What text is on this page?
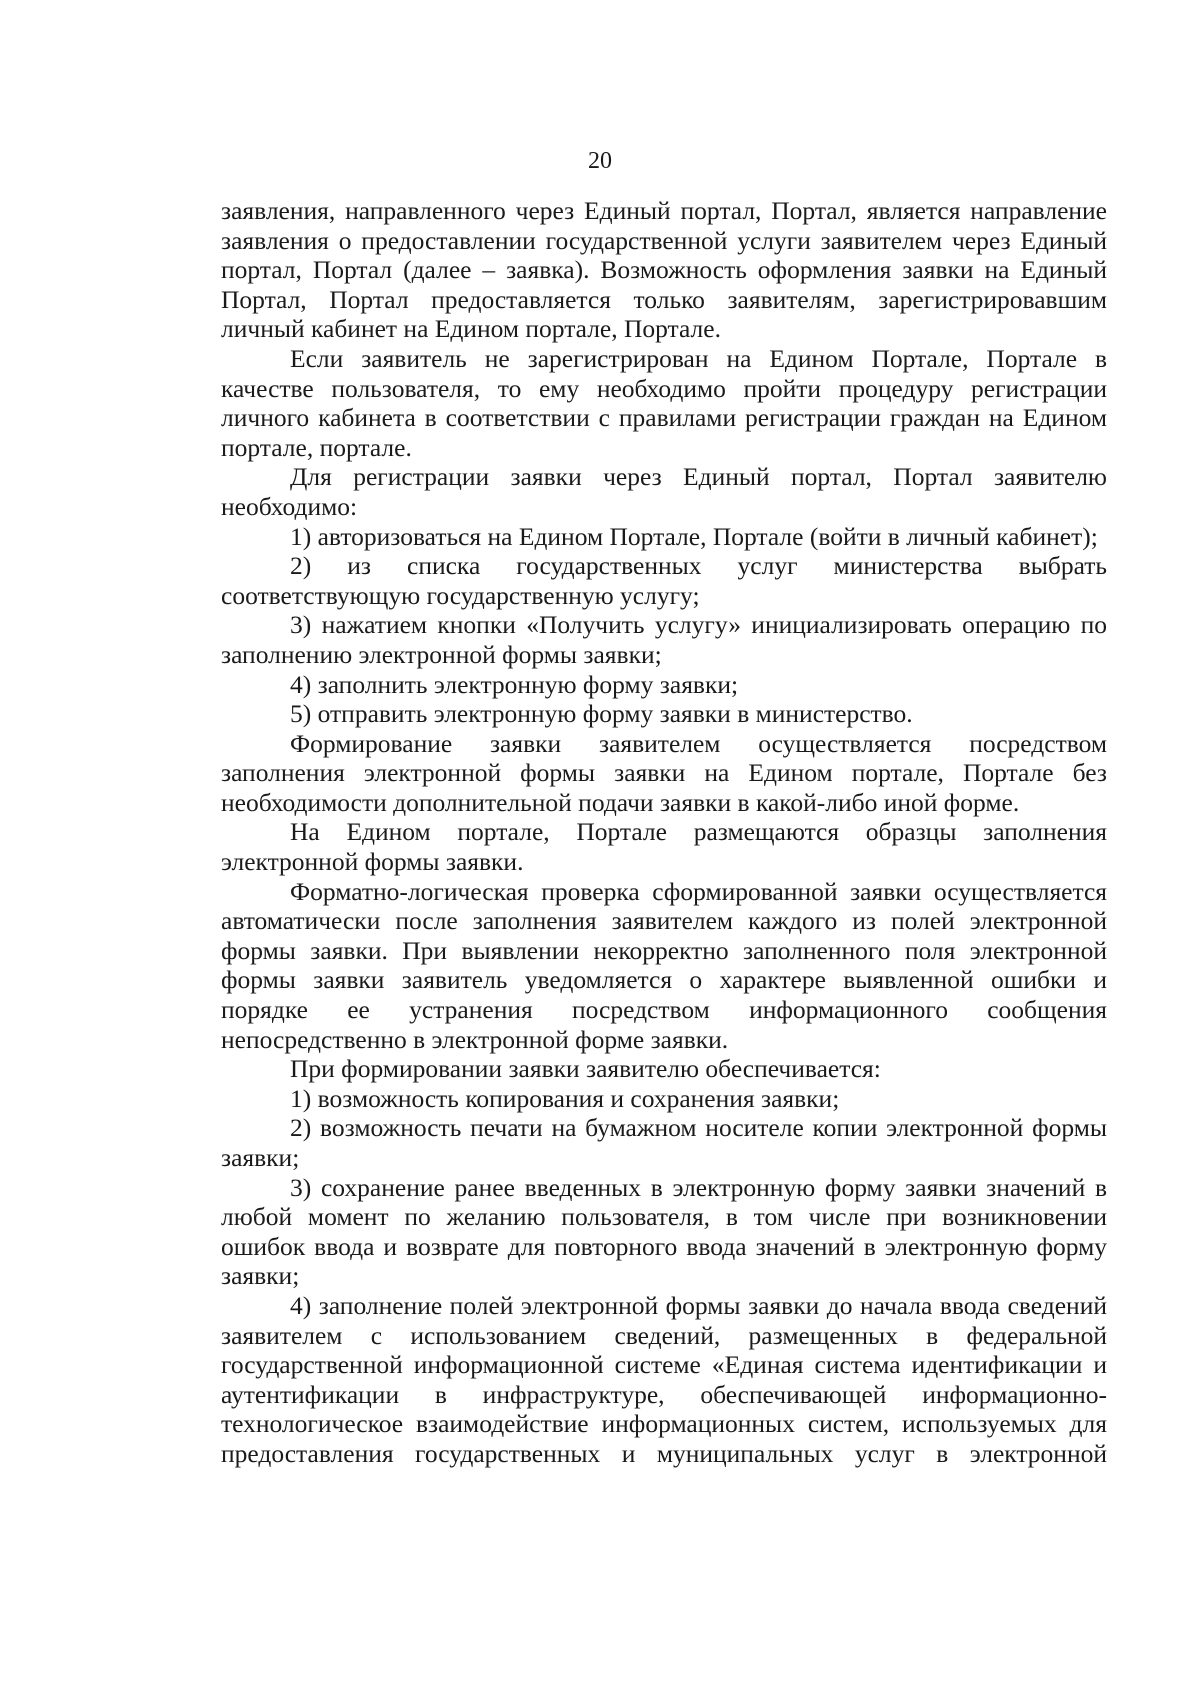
20

заявления, направленного через Единый портал, Портал, является направление заявления о предоставлении государственной услуги заявителем через Единый портал, Портал (далее – заявка). Возможность оформления заявки на Единый Портал, Портал предоставляется только заявителям, зарегистрировавшим личный кабинет на Едином портале, Портале.

Если заявитель не зарегистрирован на Едином Портале, Портале в качестве пользователя, то ему необходимо пройти процедуру регистрации личного кабинета в соответствии с правилами регистрации граждан на Едином портале, портале.

Для регистрации заявки через Единый портал, Портал заявителю необходимо:

1) авторизоваться на Едином Портале, Портале (войти в личный кабинет);

2) из списка государственных услуг министерства выбрать соответствующую государственную услугу;

3) нажатием кнопки «Получить услугу» инициализировать операцию по заполнению электронной формы заявки;

4) заполнить электронную форму заявки;

5) отправить электронную форму заявки в министерство.

Формирование заявки заявителем осуществляется посредством заполнения электронной формы заявки на Едином портале, Портале без необходимости дополнительной подачи заявки в какой-либо иной форме.

На Едином портале, Портале размещаются образцы заполнения электронной формы заявки.

Форматно-логическая проверка сформированной заявки осуществляется автоматически после заполнения заявителем каждого из полей электронной формы заявки. При выявлении некорректно заполненного поля электронной формы заявки заявитель уведомляется о характере выявленной ошибки и порядке ее устранения посредством информационного сообщения непосредственно в электронной форме заявки.

При формировании заявки заявителю обеспечивается:

1) возможность копирования и сохранения заявки;

2) возможность печати на бумажном носителе копии электронной формы заявки;

3) сохранение ранее введенных в электронную форму заявки значений в любой момент по желанию пользователя, в том числе при возникновении ошибок ввода и возврате для повторного ввода значений в электронную форму заявки;

4) заполнение полей электронной формы заявки до начала ввода сведений заявителем с использованием сведений, размещенных в федеральной государственной информационной системе «Единая система идентификации и аутентификации в инфраструктуре, обеспечивающей информационно-технологическое взаимодействие информационных систем, используемых для предоставления государственных и муниципальных услуг в электронной
